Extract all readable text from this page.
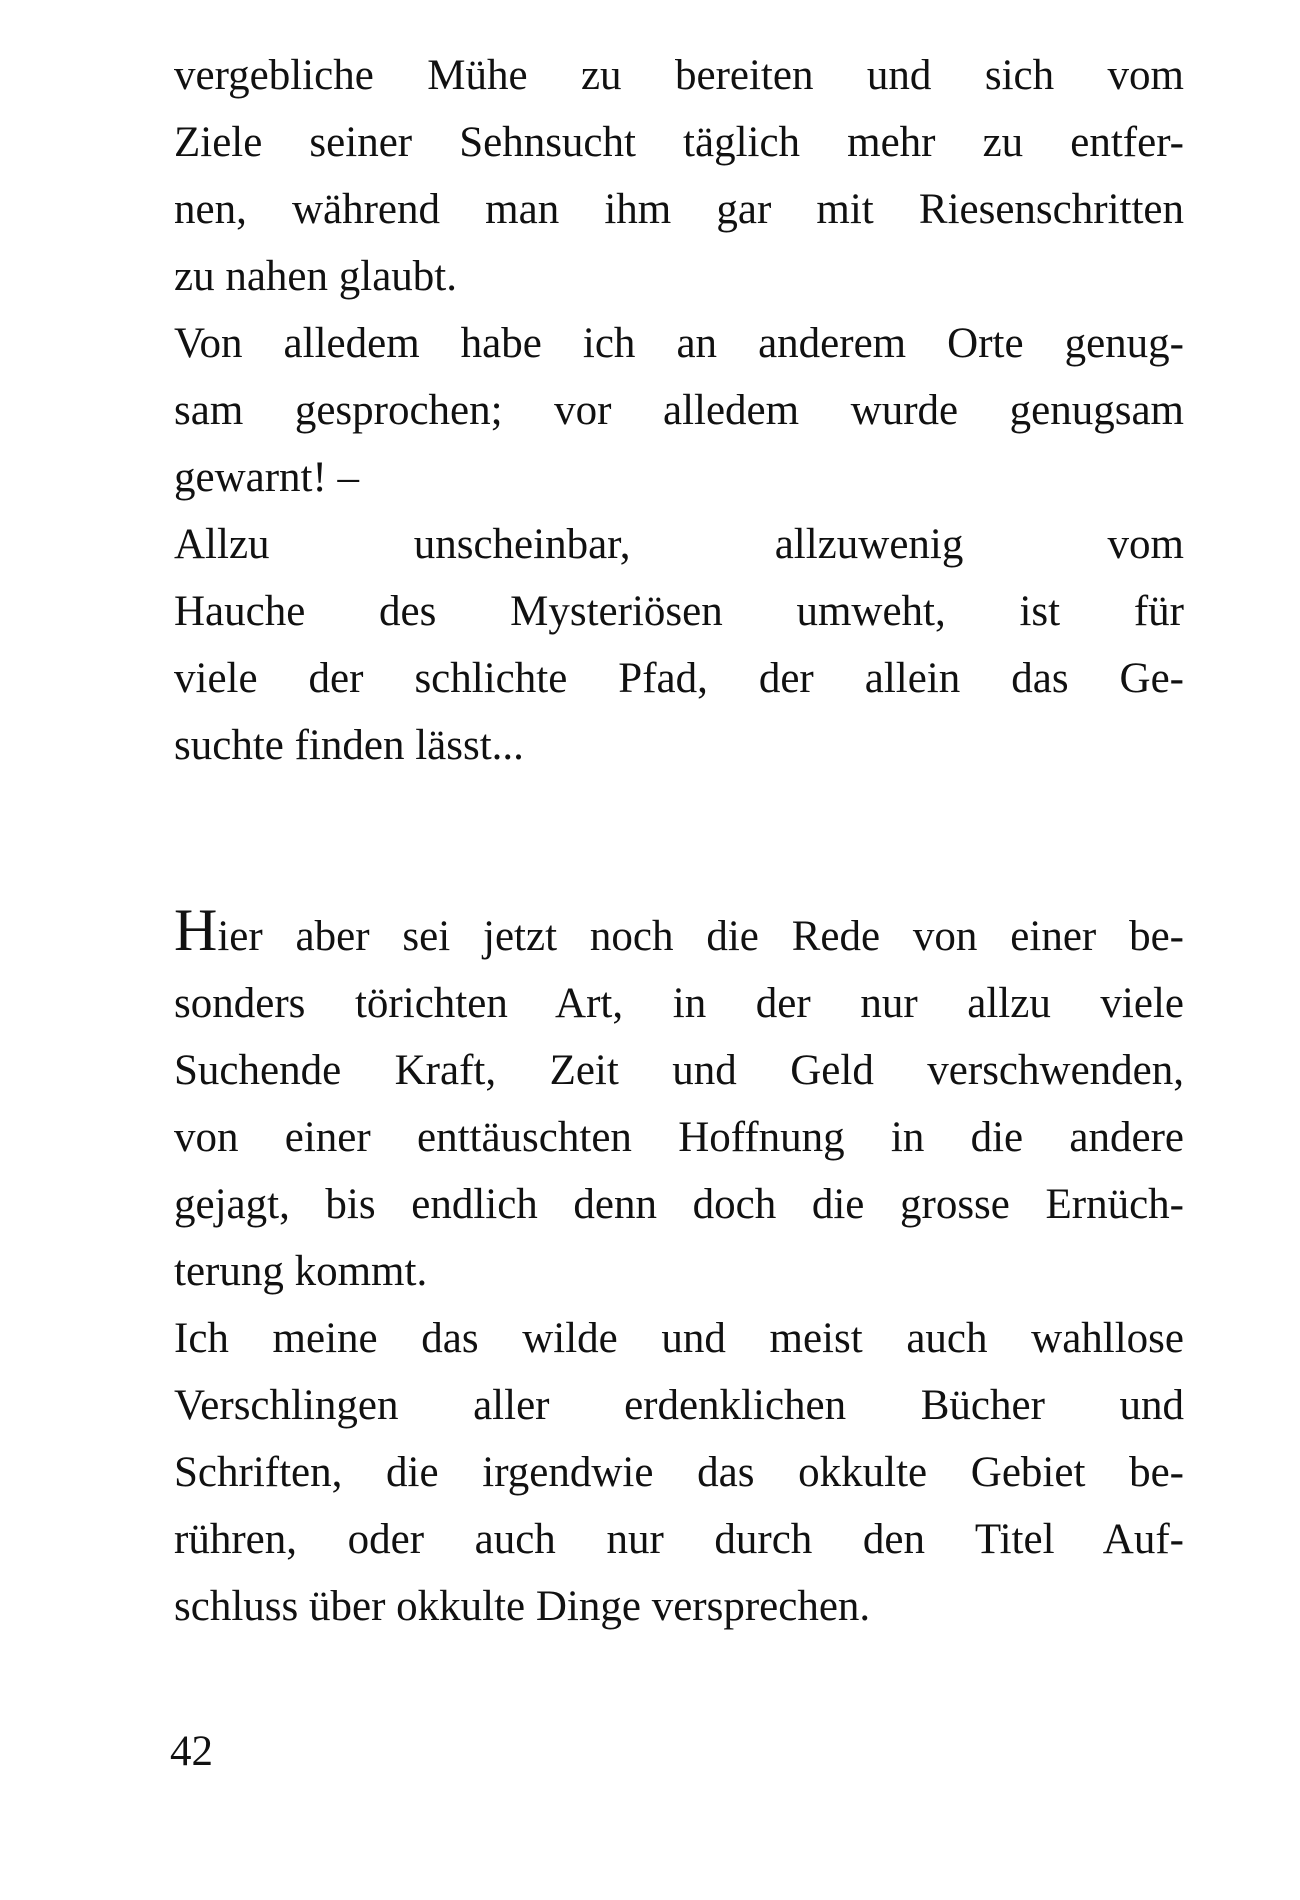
vergebliche Mühe zu bereiten und sich vom
Ziele seiner Sehnsucht täglich mehr zu entfer-
nen, während man ihm gar mit Riesenschritten
zu nahen glaubt.
Von alledem habe ich an anderem Orte genug-
sam gesprochen; vor alledem wurde genugsam
gewarnt! –
Allzu unscheinbar, allzuwenig vom
Hauche des Mysteriösen umweht, ist für
viele der schlichte Pfad, der allein das Ge-
suchte finden lässt...
Hier aber sei jetzt noch die Rede von einer be-
sonders törichten Art, in der nur allzu viele
Suchende Kraft, Zeit und Geld verschwenden,
von einer enttäuschten Hoffnung in die andere
gejagt, bis endlich denn doch die grosse Ernüch-
terung kommt.
Ich meine das wilde und meist auch wahllose
Verschlingen aller erdenklichen Bücher und
Schriften, die irgendwie das okkulte Gebiet be-
rühren, oder auch nur durch den Titel Auf-
schluss über okkulte Dinge versprechen.
42
